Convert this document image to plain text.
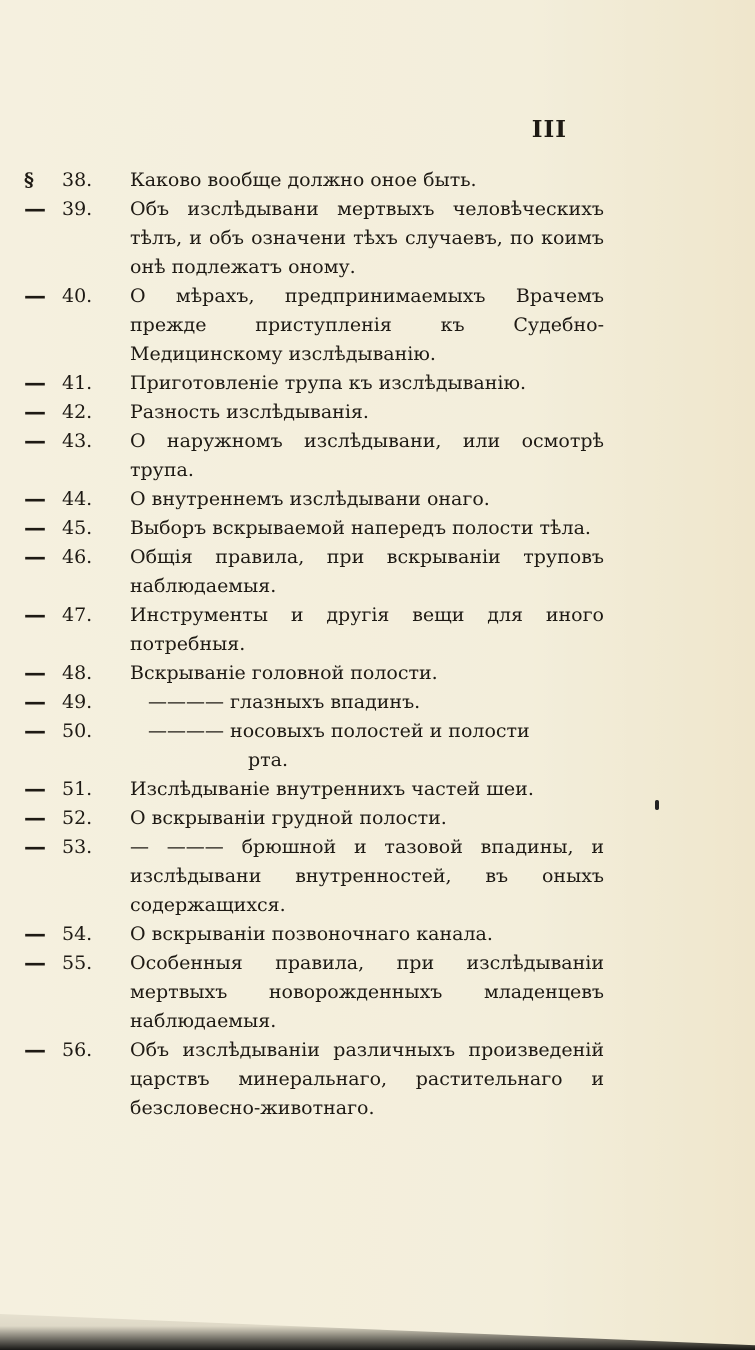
III
§	38.	Каково вообще должно оное быть.
— 39.	Объ изслѣдывани мертвыхъ человѣческихъ тѣлъ, и объ означени тѣхъ случаевъ, по коимъ онѣ подлежатъ оному.
— 40.	О мѣрахъ, предпринимаемыхъ Врачемъ прежде приступленія къ Судебно-Медицинскому изслѣдыванію.
— 41.	Приготовленіе трупа къ изслѣдыванію.
— 42.	Разность изслѣдыванія.
— 43.	О наружномъ изслѣдывани, или осмотрѣ трупа.
— 44.	О внутреннемъ изслѣдывани онаго.
— 45.	Выборъ вскрываемой напередъ полости тѣла.
— 46.	Общія правила, при вскрываніи труповъ наблюдаемыя.
— 47.	Инструменты и другія вещи для иного потребныя.
— 48.	Вскрываніе головной полости.
— 49.	———— глазныхъ впадинъ.
— 50.	———— носовыхъ полостей и полости
рта.
— 51.	Изслѣдываніе внутреннихъ частей шеи.
— 52.	О вскрываніи грудной полости.
— 53.	— ——— брюшной и тазовой впадины, и изслѣдывани внутренностей, въ оныхъ содержащихся.
— 54.	О вскрываніи позвоночнаго канала.
— 55.	Особенныя правила, при изслѣдываніи мертвыхъ новорожденныхъ младенцевъ наблюдаемыя.
— 56.	Объ изслѣдываніи различныхъ произведеній царствъ минеральнаго, растительнаго и безсловесно-животнаго.
